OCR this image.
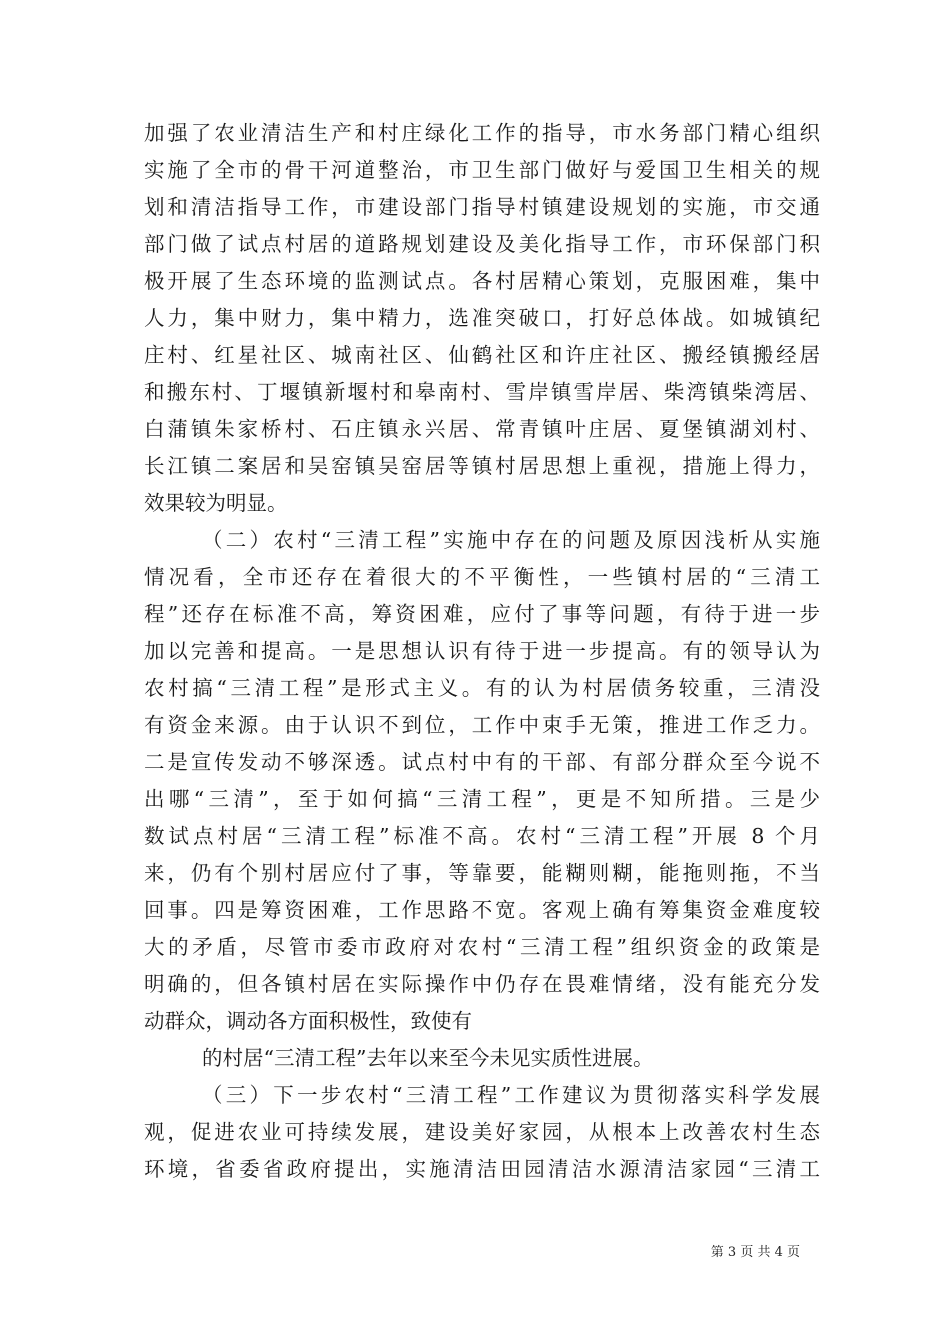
加强了农业清洁生产和村庄绿化工作的指导，市水务部门精心组织
实施了全市的骨干河道整治，市卫生部门做好与爱国卫生相关的规
划和清洁指导工作，市建设部门指导村镇建设规划的实施，市交通
部门做了试点村居的道路规划建设及美化指导工作，市环保部门积
极开展了生态环境的监测试点。各村居精心策划，克服困难，集中
人力，集中财力，集中精力，选准突破口，打好总体战。如城镇纪
庄村、红星社区、城南社区、仙鹤社区和许庄社区、搬经镇搬经居
和搬东村、丁堰镇新堰村和皋南村、雪岸镇雪岸居、柴湾镇柴湾居、
白蒲镇朱家桥村、石庄镇永兴居、常青镇叶庄居、夏堡镇湖刘村、
长江镇二案居和吴窑镇吴窑居等镇村居思想上重视，措施上得力，
效果较为明显。
（二）农村“三清工程”实施中存在的问题及原因浅析从实施
情况看，全市还存在着很大的不平衡性，一些镇村居的“三清工
程”还存在标准不高，筹资困难，应付了事等问题，有待于进一步
加以完善和提高。一是思想认识有待于进一步提高。有的领导认为
农村搞“三清工程”是形式主义。有的认为村居债务较重，三清没
有资金来源。由于认识不到位，工作中束手无策，推进工作乏力。
二是宣传发动不够深透。试点村中有的干部、有部分群众至今说不
出哪“三清”，至于如何搞“三清工程”，更是不知所措。三是少
数试点村居“三清工程”标准不高。农村“三清工程”开展 8 个月
来，仍有个别村居应付了事，等靠要，能糊则糊，能拖则拖，不当
回事。四是筹资困难，工作思路不宽。客观上确有筹集资金难度较
大的矛盾，尽管市委市政府对农村“三清工程”组织资金的政策是
明确的，但各镇村居在实际操作中仍存在畏难情绪，没有能充分发
动群众，调动各方面积极性，致使有
的村居“三清工程”去年以来至今未见实质性进展。
（三）下一步农村“三清工程”工作建议为贯彻落实科学发展
观，促进农业可持续发展，建设美好家园，从根本上改善农村生态
环境，省委省政府提出，实施清洁田园清洁水源清洁家园“三清工
第 3 页 共 4 页
